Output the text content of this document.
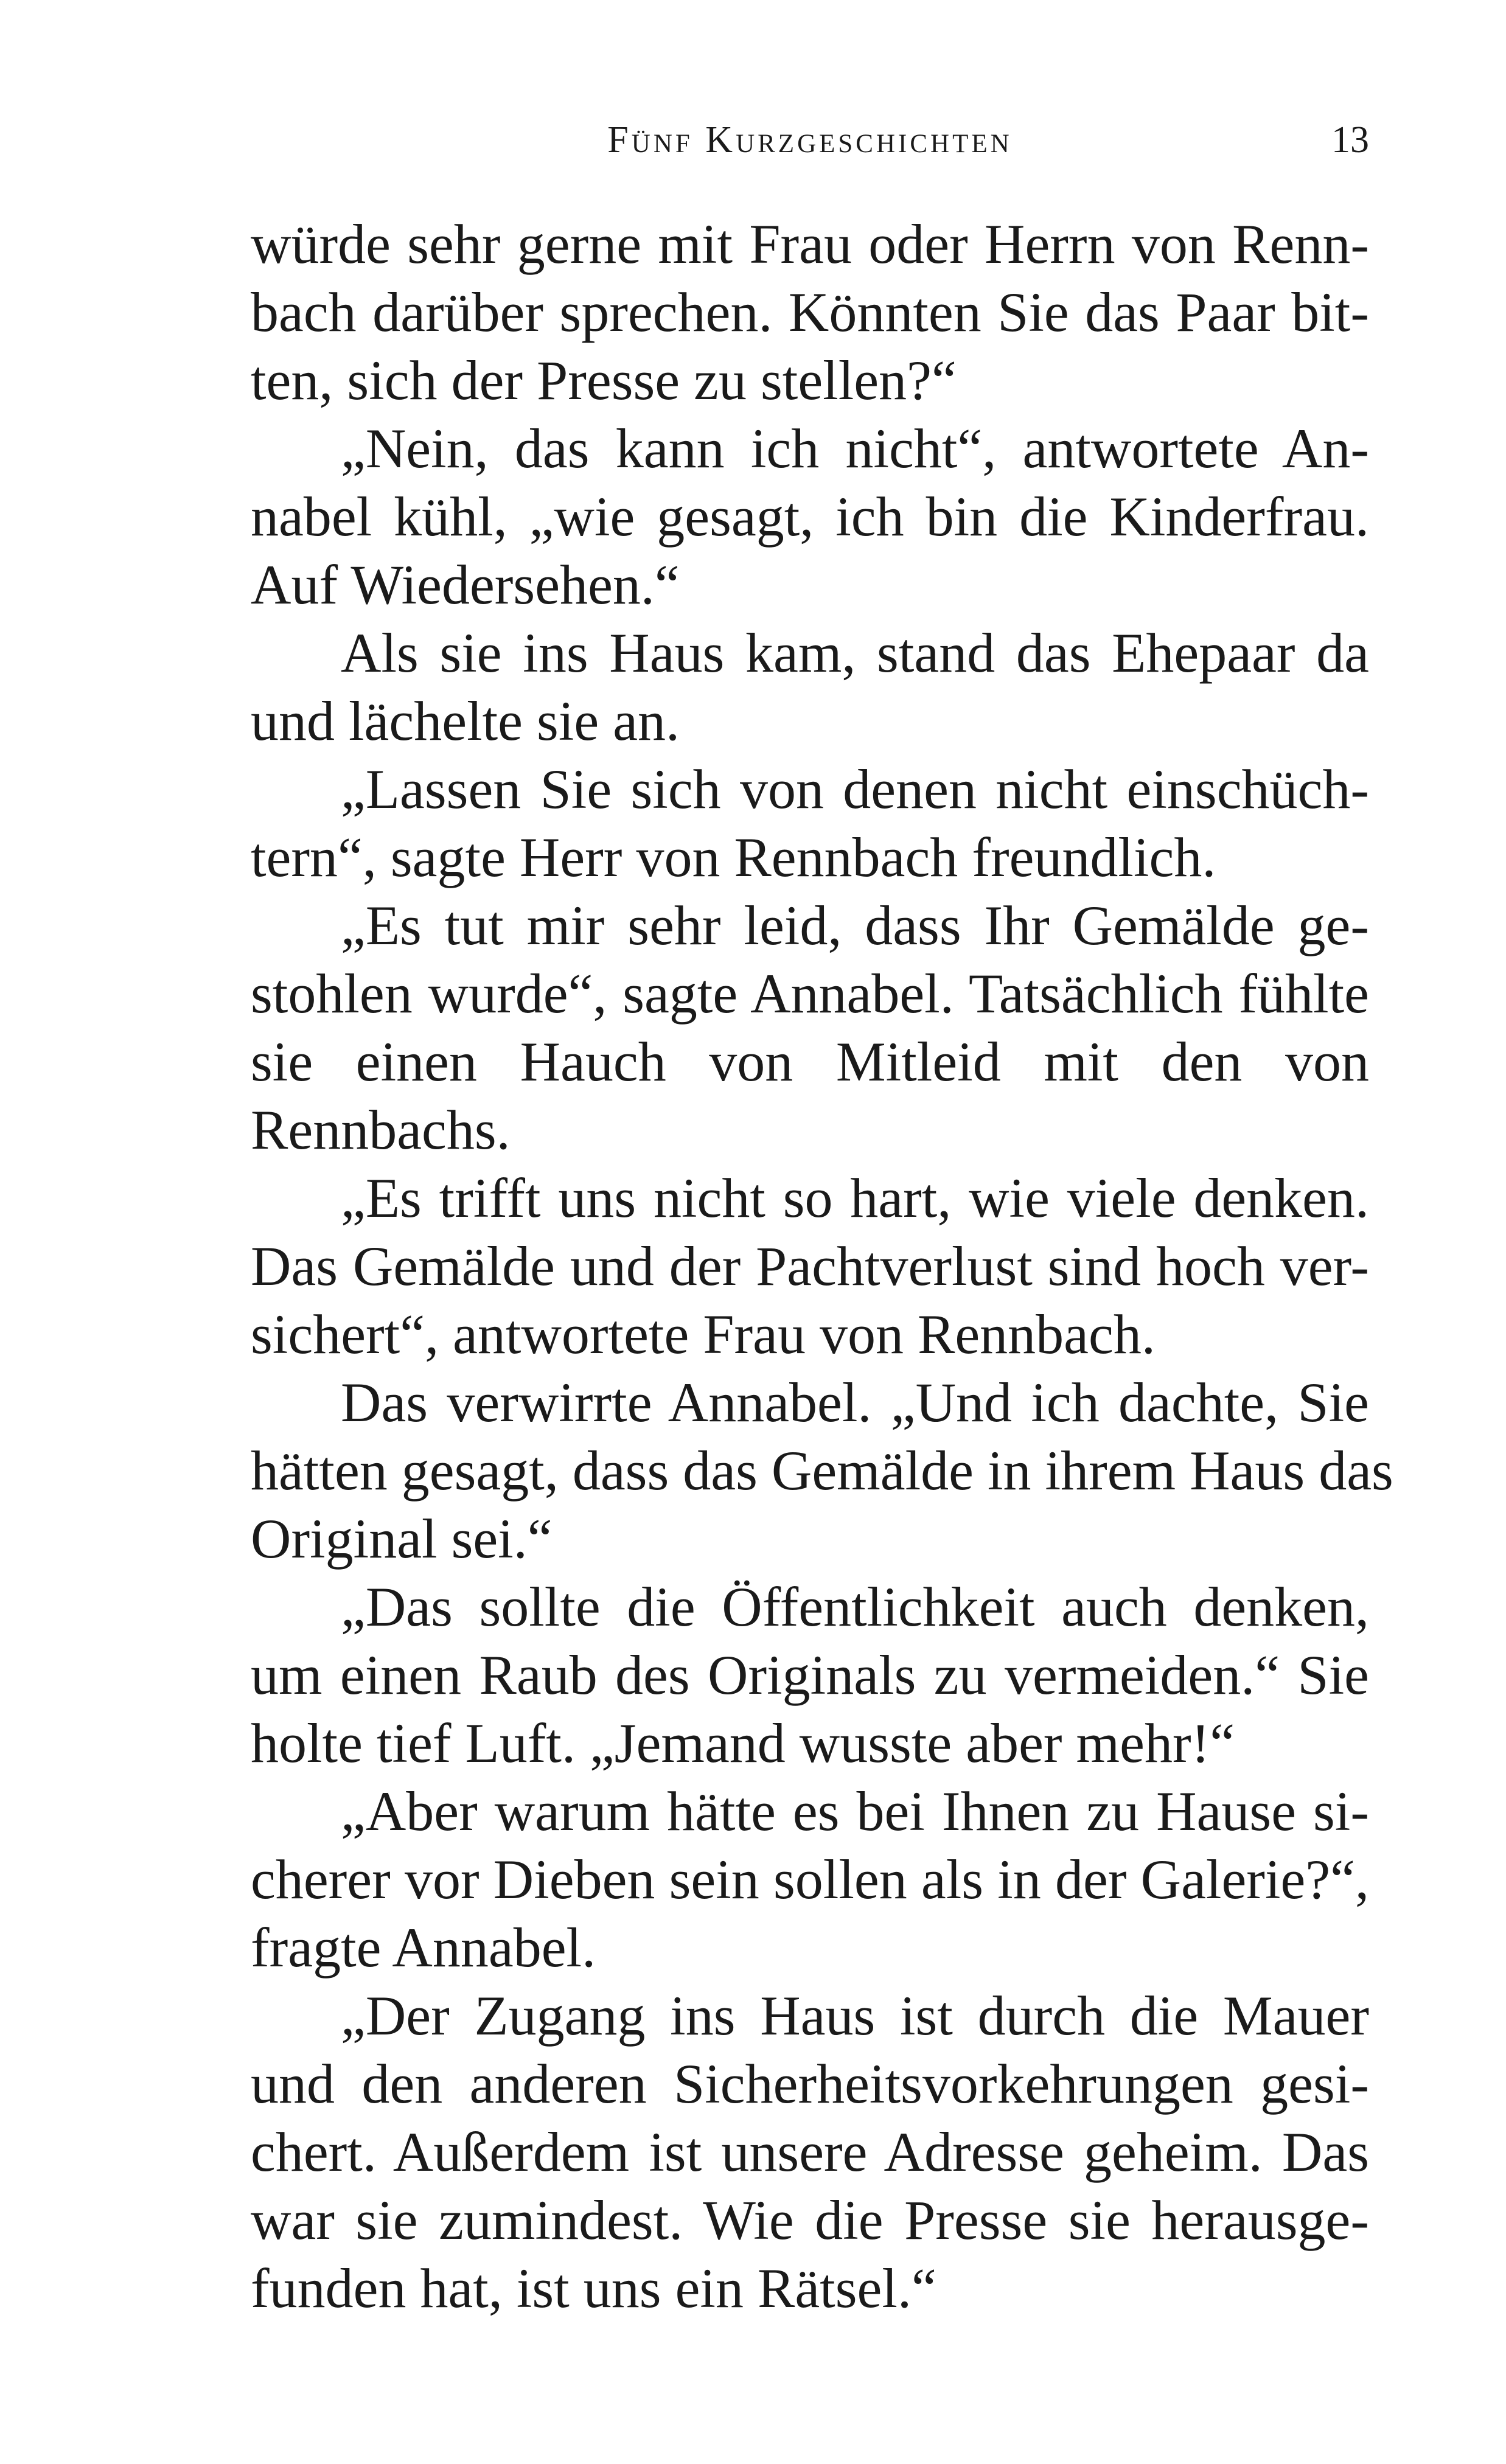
Fünf Kurzgeschichten	13
würde sehr gerne mit Frau oder Herrn von Renn-
bach darüber sprechen. Könnten Sie das Paar bit-
ten, sich der Presse zu stellen?“
„Nein, das kann ich nicht“, antwortete An-
nabel kühl, „wie gesagt, ich bin die Kinderfrau.
Auf Wiedersehen.“
Als sie ins Haus kam, stand das Ehepaar da
und lächelte sie an.
„Lassen Sie sich von denen nicht einschüch-
tern“, sagte Herr von Rennbach freundlich.
„Es tut mir sehr leid, dass Ihr Gemälde ge-
stohlen wurde“, sagte Annabel. Tatsächlich fühlte
sie einen Hauch von Mitleid mit den von
Rennbachs.
„Es trifft uns nicht so hart, wie viele denken.
Das Gemälde und der Pachtverlust sind hoch ver-
sichert“, antwortete Frau von Rennbach.
Das verwirrte Annabel. „Und ich dachte, Sie
hätten gesagt, dass das Gemälde in ihrem Haus das
Original sei.“
„Das sollte die Öffentlichkeit auch denken,
um einen Raub des Originals zu vermeiden.“ Sie
holte tief Luft. „Jemand wusste aber mehr!“
„Aber warum hätte es bei Ihnen zu Hause si-
cherer vor Dieben sein sollen als in der Galerie?“,
fragte Annabel.
„Der Zugang ins Haus ist durch die Mauer
und den anderen Sicherheitsvorkehrungen gesi-
chert. Außerdem ist unsere Adresse geheim. Das
war sie zumindest. Wie die Presse sie herausge-
funden hat, ist uns ein Rätsel.“
